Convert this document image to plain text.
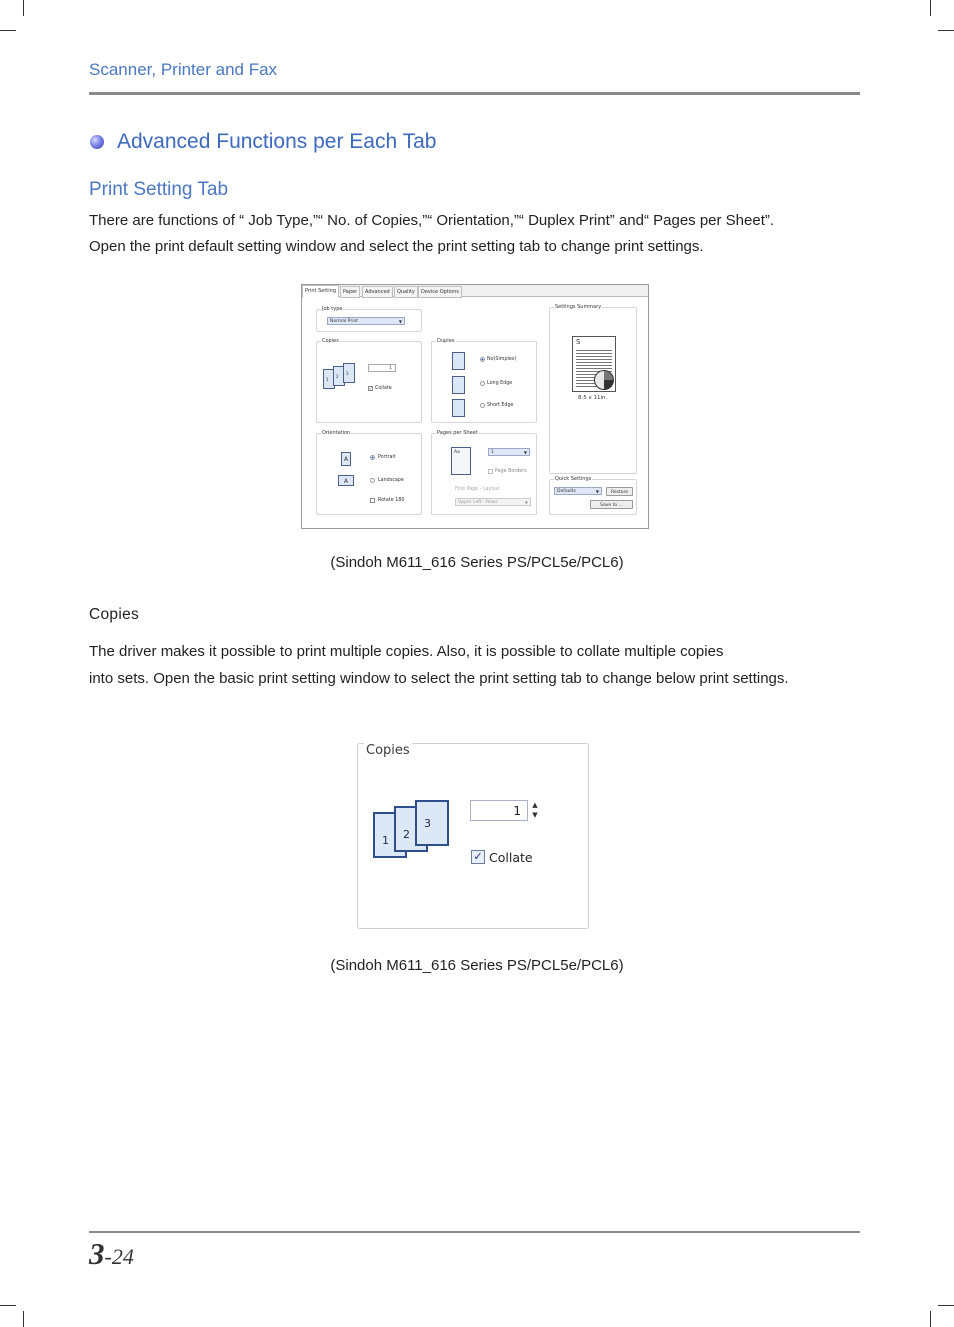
Scanner, Printer and Fax
Advanced Functions per Each Tab
Print Setting Tab

There are functions of “ Job Type,”“ No. of Copies,”“ Orientation,”“ Duplex Print” and“ Pages per Sheet”.

Open the print default setting window and select the print setting tab to change print settings.

Print Setting	Paper	Advanced	Quality	Device Options
Job type
Normal Print	▼
Settings Summary
S
8.5 x 11in.
Copies
1
2
3
1
✓ Collate
Duplex
No(Simplex)
Long Edge
Short Edge
Orientation
A
A
Portrait
Landscape
Rotate 180
Pages per Sheet
Aa	1	▼
Page Borders
First Page - Layout
Upper Left - Rows	▼
Quick Settings
Defaults	▼	Restore
Save to ...
(Sindoh M611_616 Series PS/PCL5e/PCL6)
Copies

The driver makes it possible to print multiple copies. Also, it is possible to collate multiple copies

into sets. Open the basic print setting window to select the print setting tab to change below print settings.

Copies
1 2
3
1	▲
▼
✓ Collate
(Sindoh M611_616 Series PS/PCL5e/PCL6)
3-24
